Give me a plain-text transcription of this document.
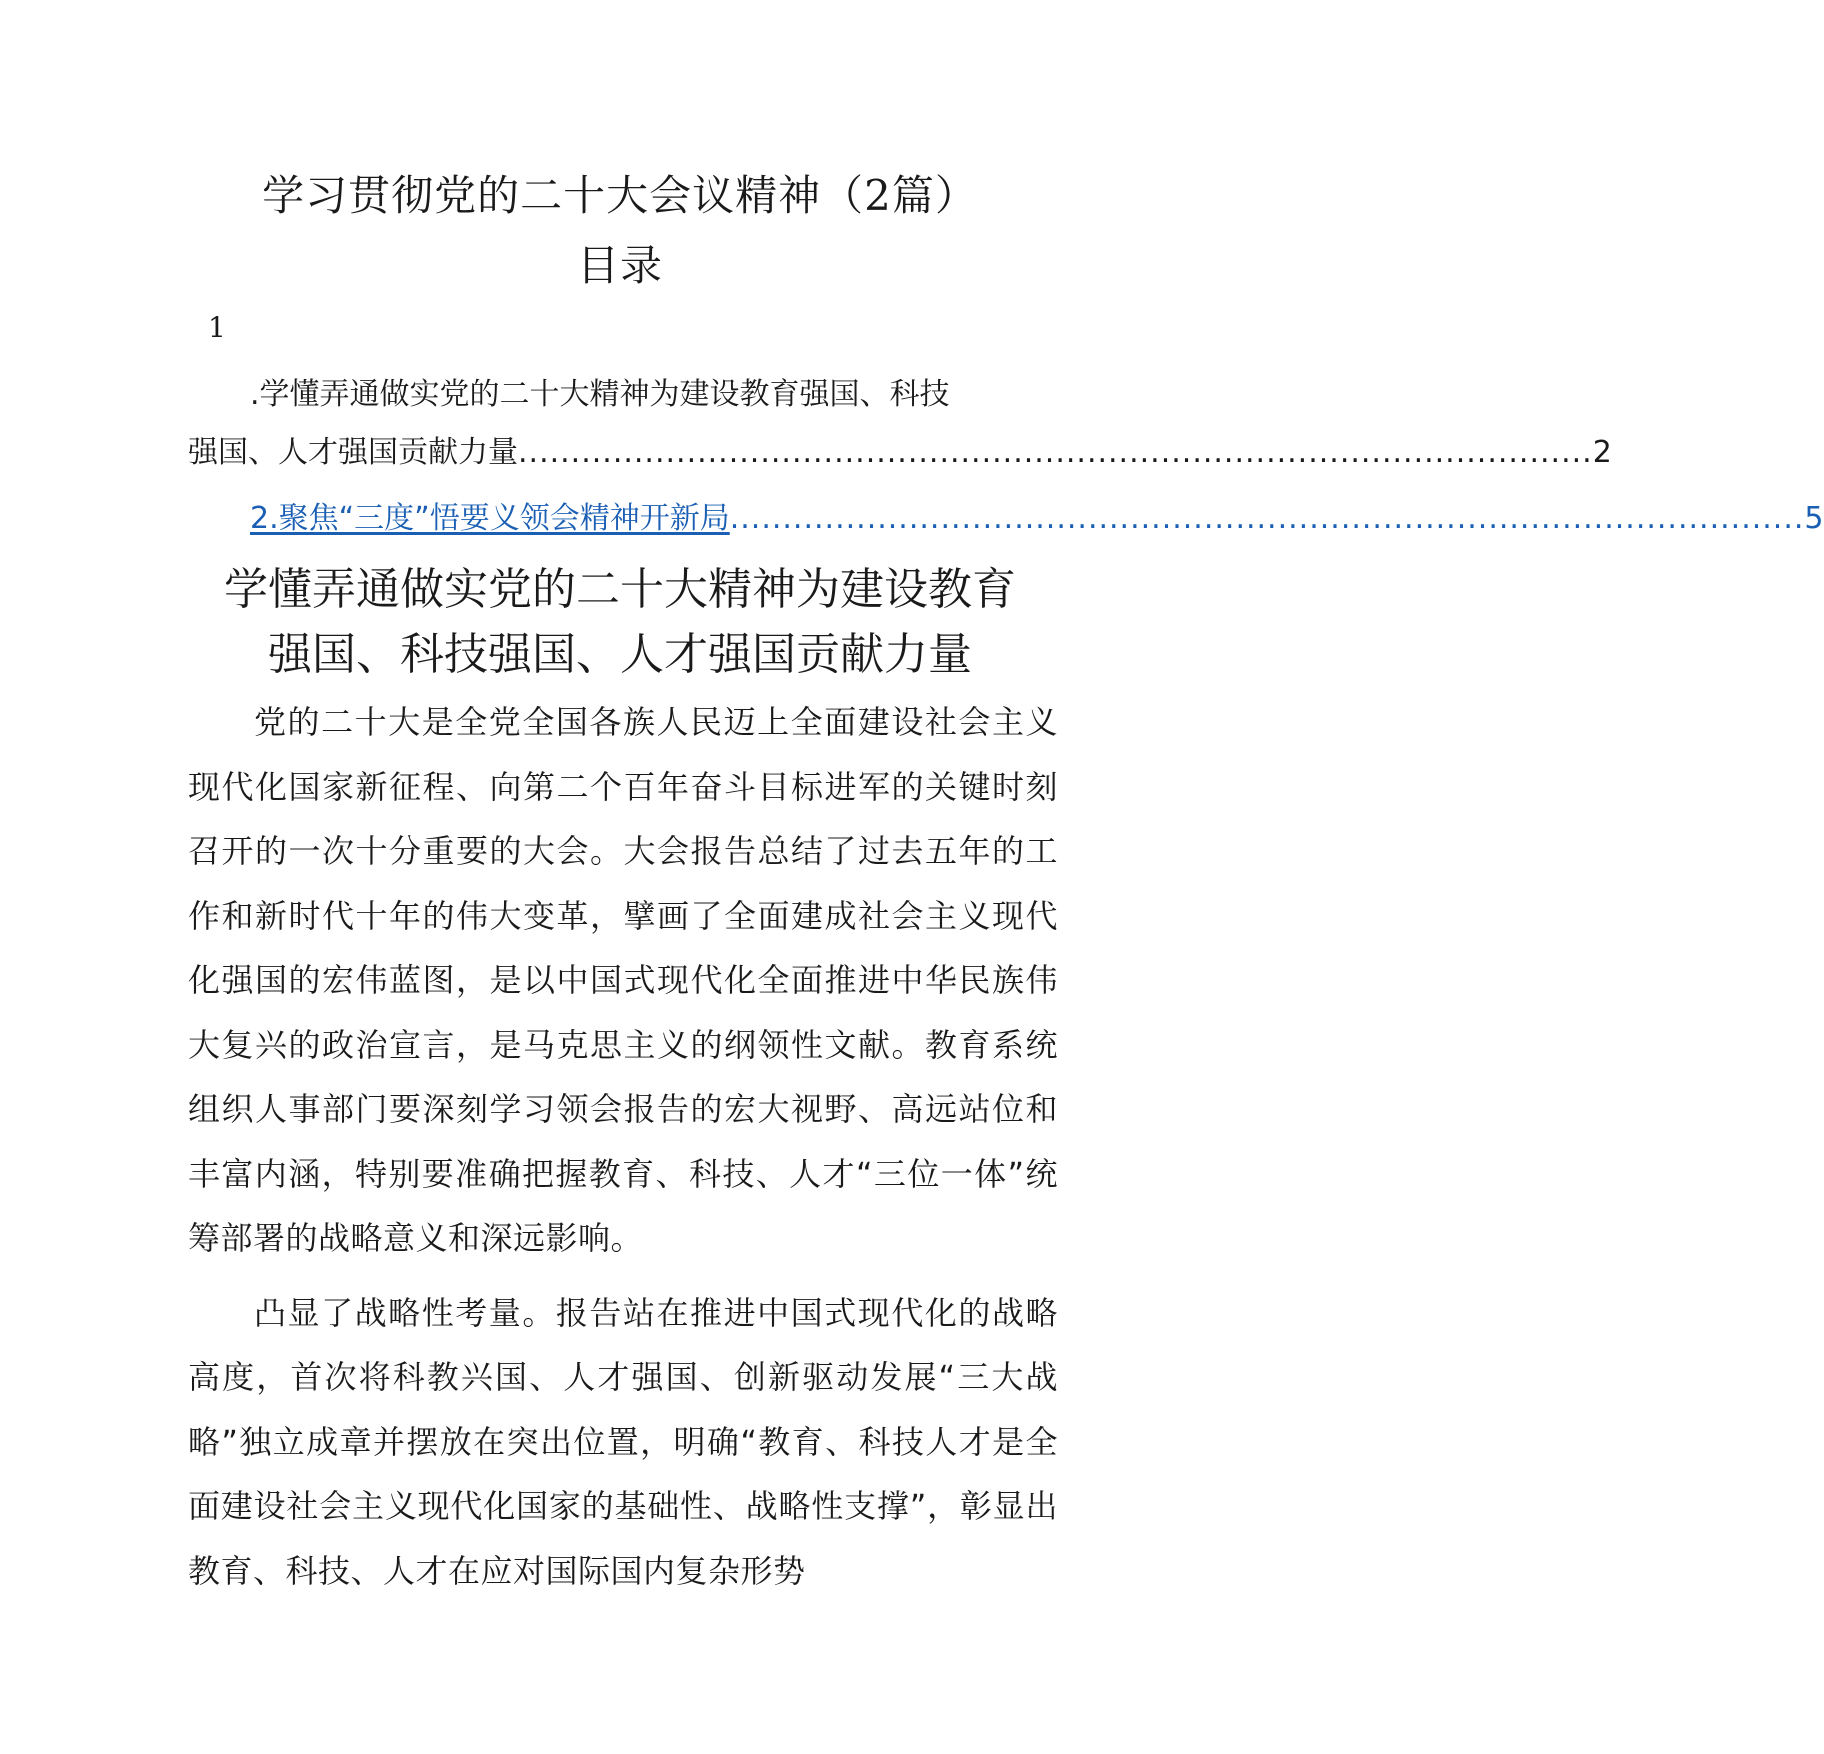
学习贯彻党的二十大会议精神（2篇）
目录
1
.学懂弄通做实党的二十大精神为建设教育强国、科技
强国、人才强国贡献力量 ...................................................................................................... 2
2.聚焦“三度”悟要义领会精神开新局 ...................................................................................................... 5
学懂弄通做实党的二十大精神为建设教育
强国、科技强国、人才强国贡献力量

党的二十大是全党全国各族人民迈上全面建设社会主义现代化国家新征程、向第二个百年奋斗目标进军的关键时刻召开的一次十分重要的大会。大会报告总结了过去五年的工作和新时代十年的伟大变革，擘画了全面建成社会主义现代化强国的宏伟蓝图，是以中国式现代化全面推进中华民族伟大复兴的政治宣言，是马克思主义的纲领性文献。教育系统组织人事部门要深刻学习领会报告的宏大视野、高远站位和丰富内涵，特别要准确把握教育、科技、人才“三位一体”统筹部署的战略意义和深远影响。

凸显了战略性考量。报告站在推进中国式现代化的战略高度，首次将科教兴国、人才强国、创新驱动发展“三大战略”独立成章并摆放在突出位置，明确“教育、科技人才是全面建设社会主义现代化国家的基础性、战略性支撑”，彰显出教育、科技、人才在应对国际国内复杂形势
